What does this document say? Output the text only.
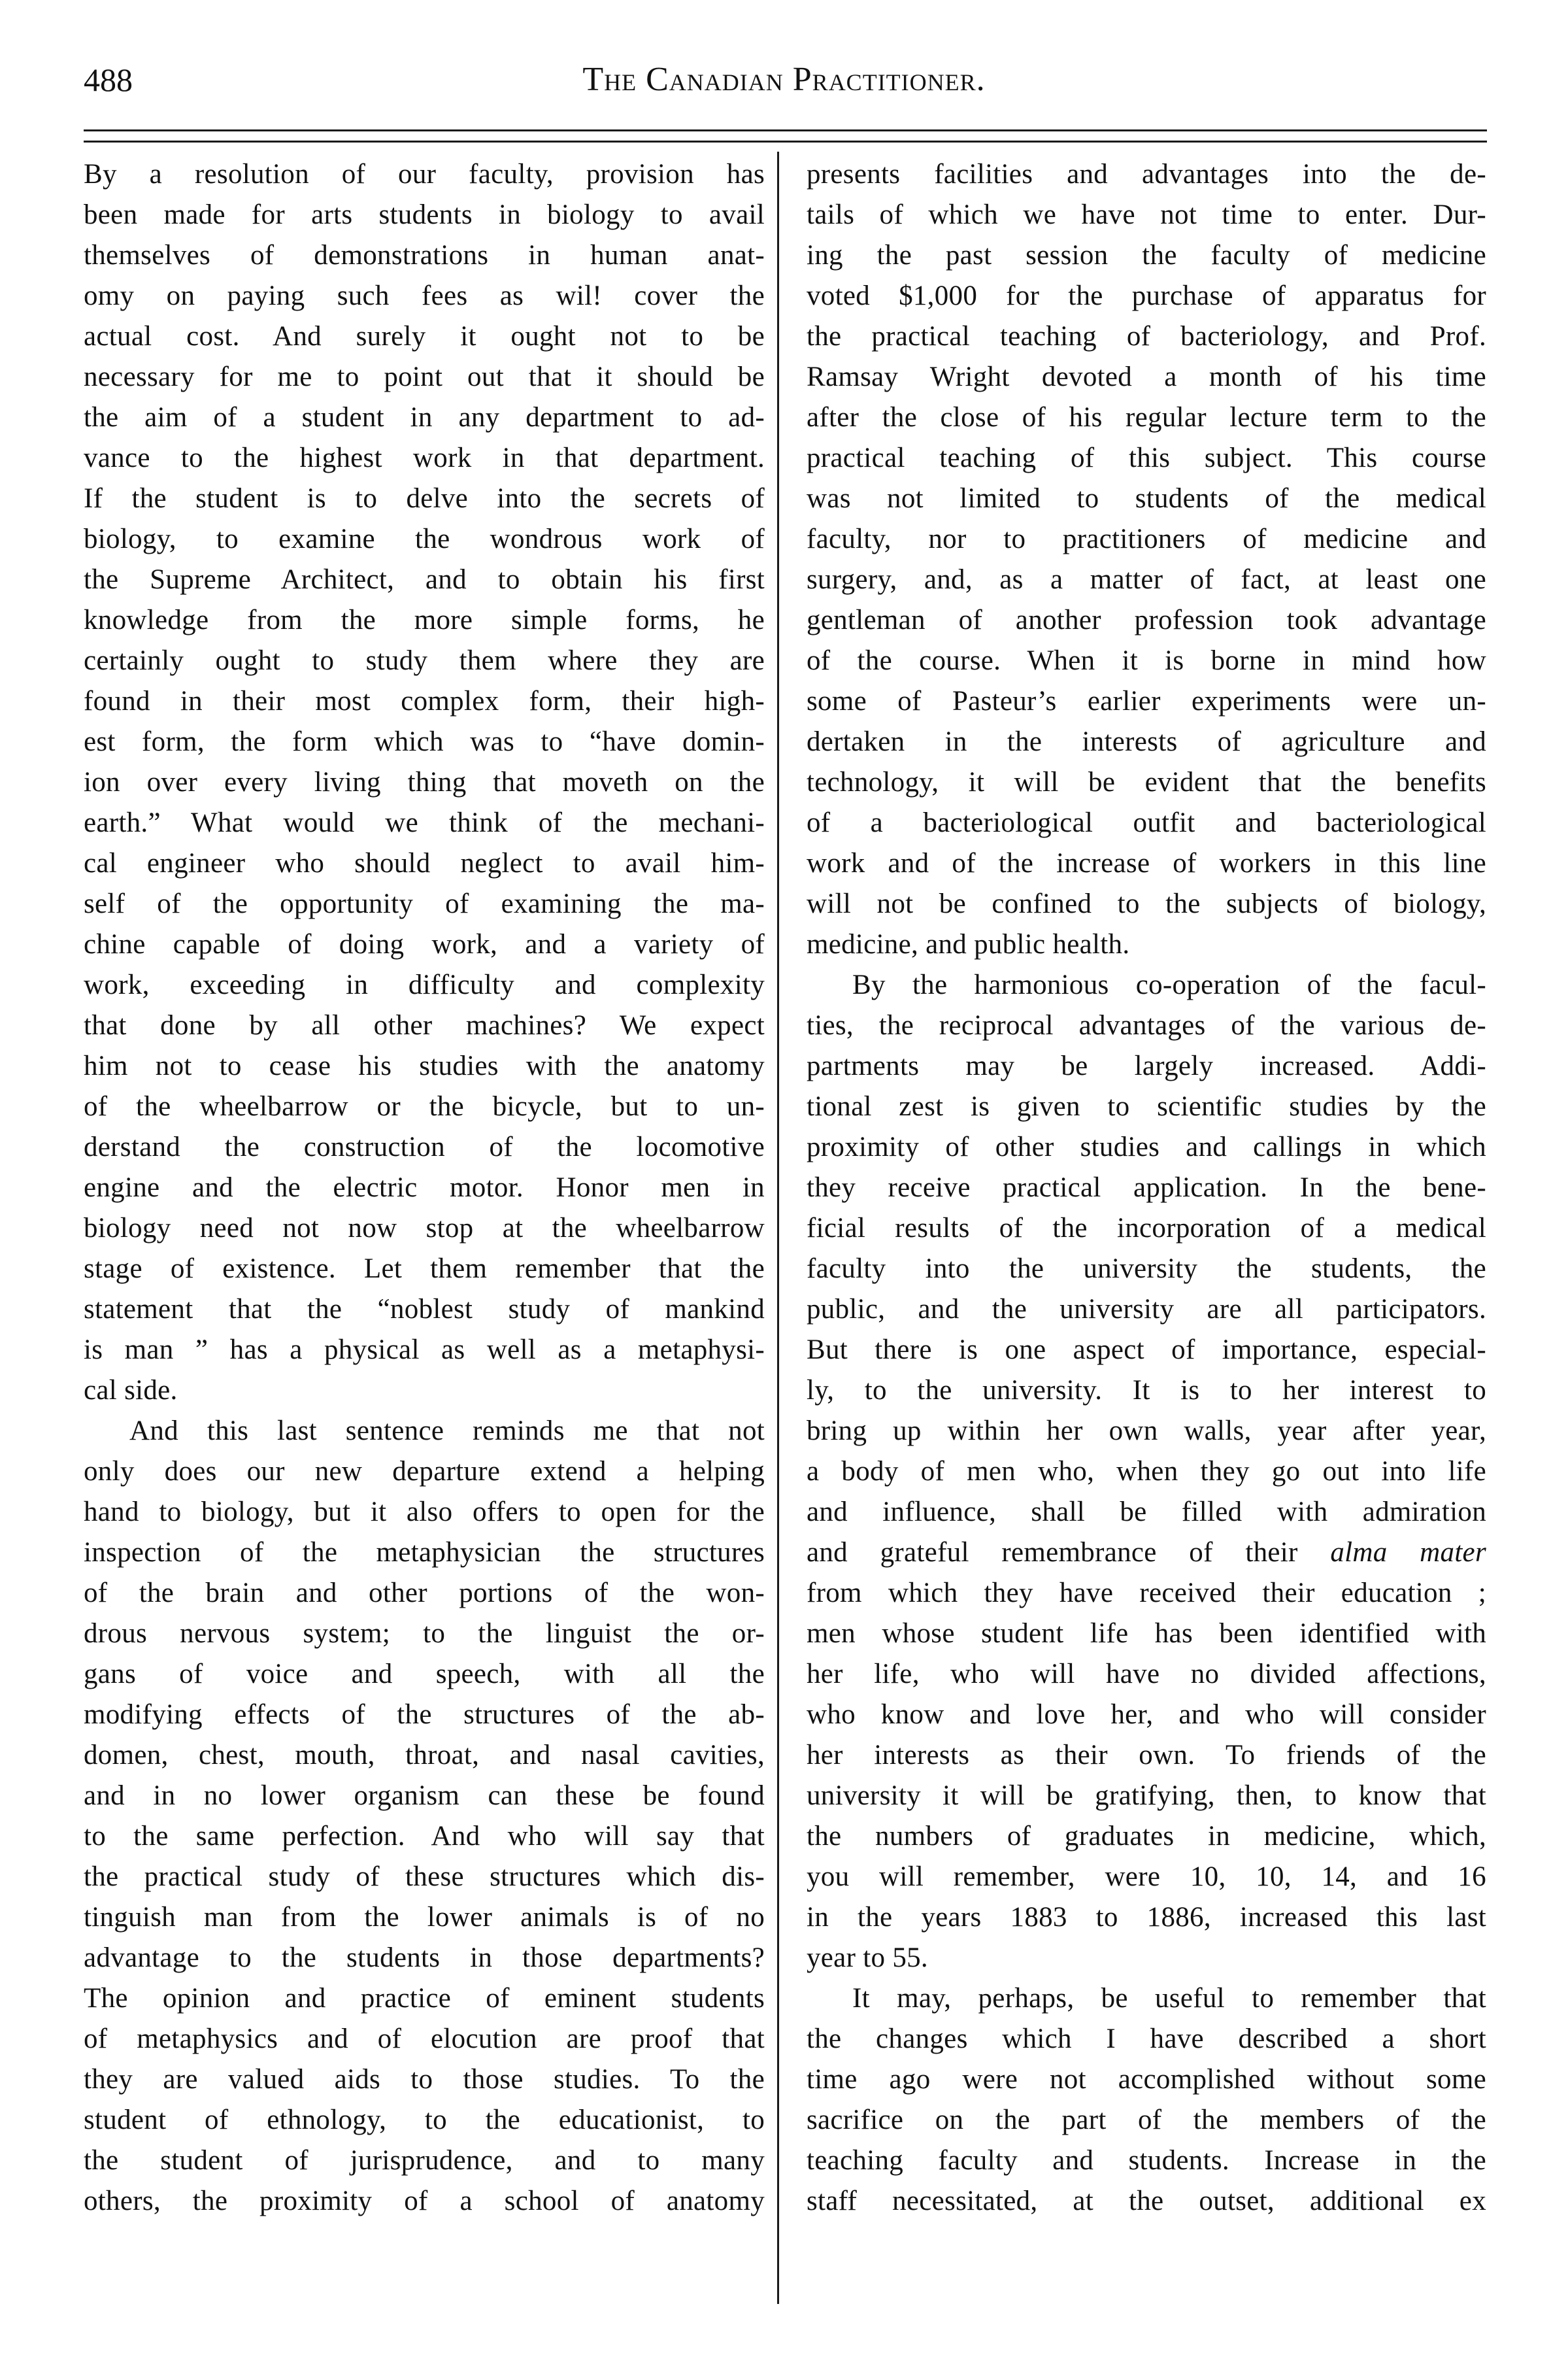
488	The Canadian Practitioner.
By a resolution of our faculty, provision has
been made for arts students in biology to avail
themselves of demonstrations in human anat-
omy on paying such fees as wil! cover the
actual cost. And surely it ought not to be
necessary for me to point out that it should be
the aim of a student in any department to ad-
vance to the highest work in that department.
If the student is to delve into the secrets of
biology, to examine the wondrous work of
the Supreme Architect, and to obtain his first
knowledge from the more simple forms, he
certainly ought to study them where they are
found in their most complex form, their high-
est form, the form which was to “have domin-
ion over every living thing that moveth on the
earth.” What would we think of the mechani-
cal engineer who should neglect to avail him-
self of the opportunity of examining the ma-
chine capable of doing work, and a variety of
work, exceeding in difficulty and complexity
that done by all other machines? We expect
him not to cease his studies with the anatomy
of the wheelbarrow or the bicycle, but to un-
derstand the construction of the locomotive
engine and the electric motor. Honor men in
biology need not now stop at the wheelbarrow
stage of existence. Let them remember that the
statement that the “noblest study of mankind
is man ” has a physical as well as a metaphysi-
cal side.
And this last sentence reminds me that not
only does our new departure extend a helping
hand to biology, but it also offers to open for the
inspection of the metaphysician the structures
of the brain and other portions of the won-
drous nervous system; to the linguist the or-
gans of voice and speech, with all the
modifying effects of the structures of the ab-
domen, chest, mouth, throat, and nasal cavities,
and in no lower organism can these be found
to the same perfection. And who will say that
the practical study of these structures which dis-
tinguish man from the lower animals is of no
advantage to the students in those departments?
The opinion and practice of eminent students
of metaphysics and of elocution are proof that
they are valued aids to those studies. To the
student of ethnology, to the educationist, to
the student of jurisprudence, and to many
others, the proximity of a school of anatomy
presents facilities and advantages into the de-
tails of which we have not time to enter. Dur-
ing the past session the faculty of medicine
voted $1,000 for the purchase of apparatus for
the practical teaching of bacteriology, and Prof.
Ramsay Wright devoted a month of his time
after the close of his regular lecture term to the
practical teaching of this subject. This course
was not limited to students of the medical
faculty, nor to practitioners of medicine and
surgery, and, as a matter of fact, at least one
gentleman of another profession took advantage
of the course. When it is borne in mind how
some of Pasteur’s earlier experiments were un-
dertaken in the interests of agriculture and
technology, it will be evident that the benefits
of a bacteriological outfit and bacteriological
work and of the increase of workers in this line
will not be confined to the subjects of biology,
medicine, and public health.
By the harmonious co-operation of the facul-
ties, the reciprocal advantages of the various de-
partments may be largely increased. Addi-
tional zest is given to scientific studies by the
proximity of other studies and callings in which
they receive practical application. In the bene-
ficial results of the incorporation of a medical
faculty into the university the students, the
public, and the university are all participators.
But there is one aspect of importance, especial-
ly, to the university. It is to her interest to
bring up within her own walls, year after year,
a body of men who, when they go out into life
and influence, shall be filled with admiration
and grateful remembrance of their alma mater
from which they have received their education ;
men whose student life has been identified with
her life, who will have no divided affections,
who know and love her, and who will consider
her interests as their own. To friends of the
university it will be gratifying, then, to know that
the numbers of graduates in medicine, which,
you will remember, were 10, 10, 14, and 16
in the years 1883 to 1886, increased this last
year to 55.
It may, perhaps, be useful to remember that
the changes which I have described a short
time ago were not accomplished without some
sacrifice on the part of the members of the
teaching faculty and students. Increase in the
staff necessitated, at the outset, additional ex
